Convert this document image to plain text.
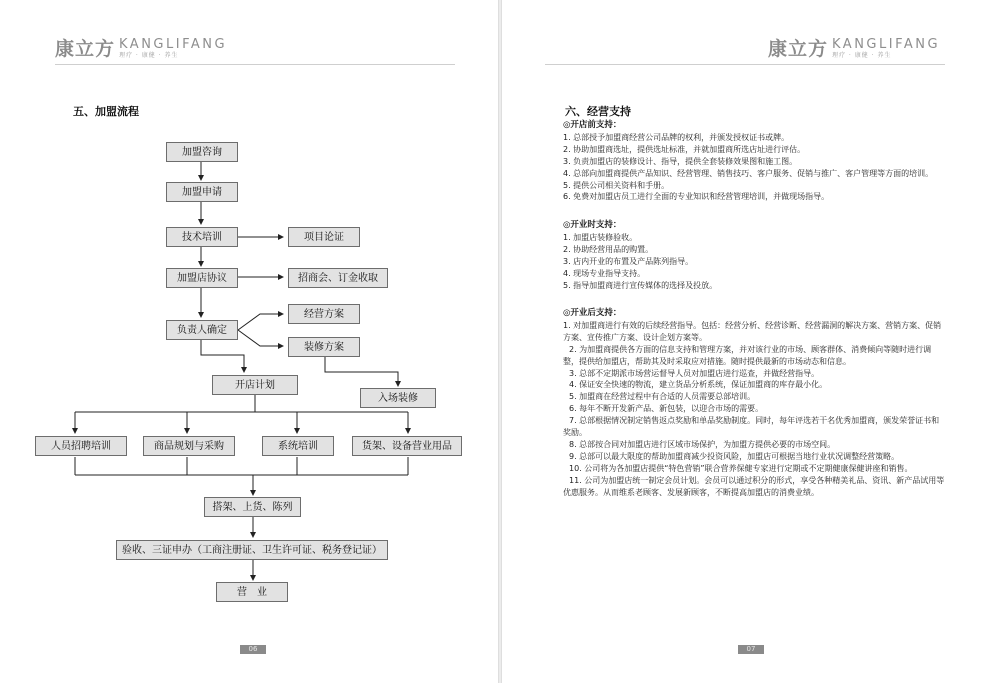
康立方 KANGLIFANG
理疗 · 康健 · 养生	康立方 KANGLIFANG
理疗 · 康健 · 养生
五、加盟流程
加盟咨询
加盟申请
技术培训	项目论证
加盟店协议	招商会、订金收取
负责人确定
经营方案
装修方案
开店计划
入场装修
人员招聘培训	商品规划与采购	系统培训	货架、设备营业用品
搭架、上货、陈列
验收、三证申办（工商注册证、卫生许可证、税务登记证）
营　业
06	07
六、经营支持
◎开店前支持：
1. 总部授予加盟商经营公司品牌的权利，并颁发授权证书或牌。
2. 协助加盟商选址，提供选址标准，并就加盟商所选店址进行评估。
3. 负责加盟店的装修设计、指导，提供全套装修效果图和施工图。
4. 总部向加盟商提供产品知识、经营管理、销售技巧、客户服务、促销与推广、客户管理等方面的培训。
5. 提供公司相关资料和手册。
6. 免费对加盟店员工进行全面的专业知识和经营管理培训，并做现场指导。
◎开业时支持：
1. 加盟店装修验收。
2. 协助经营用品的购置。
3. 店内开业的布置及产品陈列指导。
4. 现场专业指导支持。
5. 指导加盟商进行宣传媒体的选择及投放。
◎开业后支持：
1. 对加盟商进行有效的后续经营指导。包括：经营分析、经营诊断、经营漏洞的解决方案、营销方案、促销方案、宣传推广方案、设计企划方案等。
2. 为加盟商提供各方面的信息支持和管理方案，并对该行业的市场、顾客群体、消费倾向等随时进行调整，提供给加盟店，帮助其及时采取应对措施。随时提供最新的市场动态和信息。
3. 总部不定期派市场营运督导人员对加盟店进行巡查，并做经营指导。
4. 保证安全快速的物流，建立货品分析系统，保证加盟商的库存最小化。
5. 加盟商在经营过程中有合适的人员需要总部培训。
6. 每年不断开发新产品、新包装，以迎合市场的需要。
7. 总部根据情况制定销售返点奖励和单品奖励制度。同时，每年评选若干名优秀加盟商，颁发荣誉证书和奖励。
8. 总部按合同对加盟店进行区域市场保护，为加盟方提供必要的市场空间。
9. 总部可以最大限度的帮助加盟商减少投资风险，加盟店可根据当地行业状况调整经营策略。
10. 公司将为各加盟店提供“特色营销”联合营养保健专家进行定期或不定期健康保健讲座和销售。
11. 公司为加盟店统一制定会员计划。会员可以通过积分的形式，享受各种精美礼品、资讯、新产品试用等优惠服务。从而维系老顾客、发展新顾客，不断提高加盟店的消费业绩。
